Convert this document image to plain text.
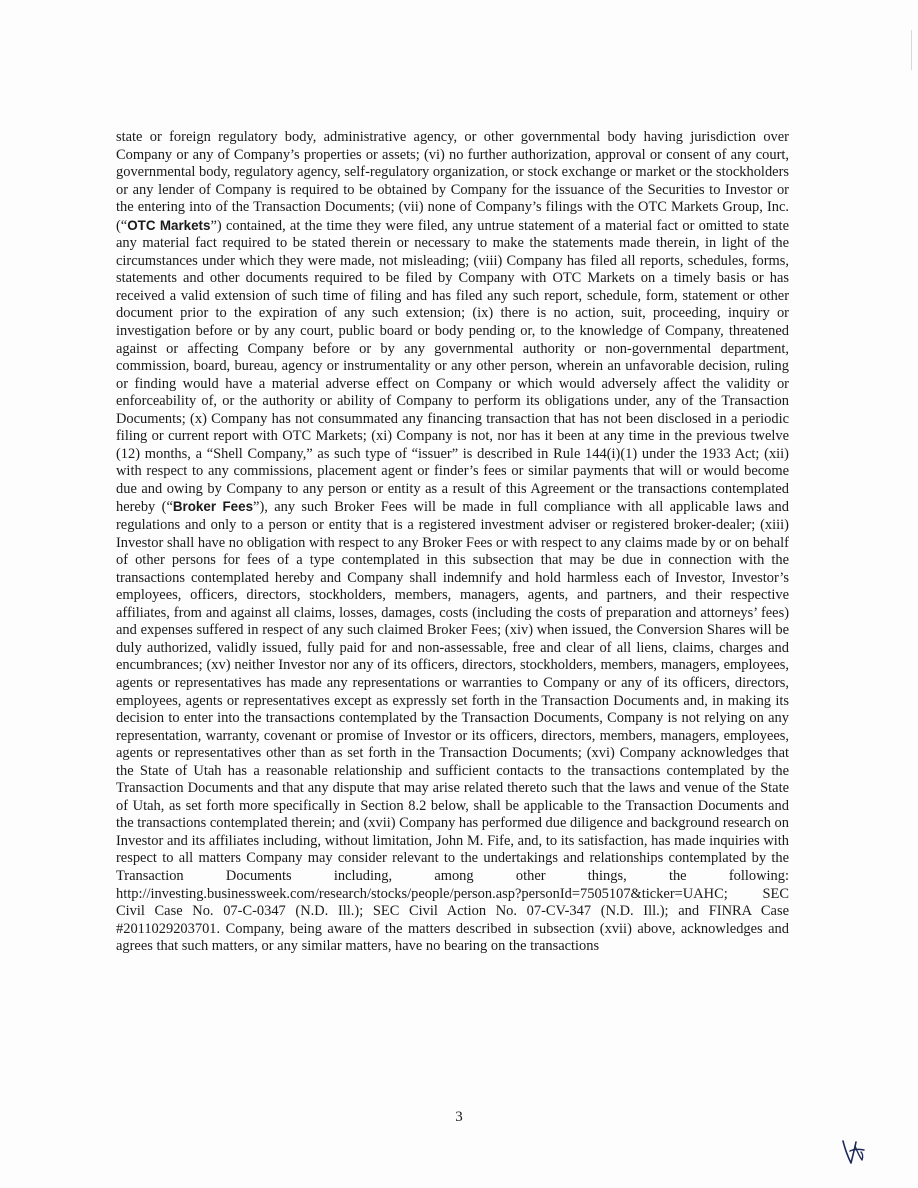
state or foreign regulatory body, administrative agency, or other governmental body having jurisdiction over Company or any of Company’s properties or assets; (vi) no further authorization, approval or consent of any court, governmental body, regulatory agency, self-regulatory organization, or stock exchange or market or the stockholders or any lender of Company is required to be obtained by Company for the issuance of the Securities to Investor or the entering into of the Transaction Documents; (vii) none of Company’s filings with the OTC Markets Group, Inc. (“OTC Markets”) contained, at the time they were filed, any untrue statement of a material fact or omitted to state any material fact required to be stated therein or necessary to make the statements made therein, in light of the circumstances under which they were made, not misleading; (viii) Company has filed all reports, schedules, forms, statements and other documents required to be filed by Company with OTC Markets on a timely basis or has received a valid extension of such time of filing and has filed any such report, schedule, form, statement or other document prior to the expiration of any such extension; (ix) there is no action, suit, proceeding, inquiry or investigation before or by any court, public board or body pending or, to the knowledge of Company, threatened against or affecting Company before or by any governmental authority or non-governmental department, commission, board, bureau, agency or instrumentality or any other person, wherein an unfavorable decision, ruling or finding would have a material adverse effect on Company or which would adversely affect the validity or enforceability of, or the authority or ability of Company to perform its obligations under, any of the Transaction Documents; (x) Company has not consummated any financing transaction that has not been disclosed in a periodic filing or current report with OTC Markets; (xi) Company is not, nor has it been at any time in the previous twelve (12) months, a “Shell Company,” as such type of “issuer” is described in Rule 144(i)(1) under the 1933 Act; (xii) with respect to any commissions, placement agent or finder’s fees or similar payments that will or would become due and owing by Company to any person or entity as a result of this Agreement or the transactions contemplated hereby (“Broker Fees”), any such Broker Fees will be made in full compliance with all applicable laws and regulations and only to a person or entity that is a registered investment adviser or registered broker-dealer; (xiii) Investor shall have no obligation with respect to any Broker Fees or with respect to any claims made by or on behalf of other persons for fees of a type contemplated in this subsection that may be due in connection with the transactions contemplated hereby and Company shall indemnify and hold harmless each of Investor, Investor’s employees, officers, directors, stockholders, members, managers, agents, and partners, and their respective affiliates, from and against all claims, losses, damages, costs (including the costs of preparation and attorneys’ fees) and expenses suffered in respect of any such claimed Broker Fees; (xiv) when issued, the Conversion Shares will be duly authorized, validly issued, fully paid for and non-assessable, free and clear of all liens, claims, charges and encumbrances; (xv) neither Investor nor any of its officers, directors, stockholders, members, managers, employees, agents or representatives has made any representations or warranties to Company or any of its officers, directors, employees, agents or representatives except as expressly set forth in the Transaction Documents and, in making its decision to enter into the transactions contemplated by the Transaction Documents, Company is not relying on any representation, warranty, covenant or promise of Investor or its officers, directors, members, managers, employees, agents or representatives other than as set forth in the Transaction Documents; (xvi) Company acknowledges that the State of Utah has a reasonable relationship and sufficient contacts to the transactions contemplated by the Transaction Documents and that any dispute that may arise related thereto such that the laws and venue of the State of Utah, as set forth more specifically in Section 8.2 below, shall be applicable to the Transaction Documents and the transactions contemplated therein; and (xvii) Company has performed due diligence and background research on Investor and its affiliates including, without limitation, John M. Fife, and, to its satisfaction, has made inquiries with respect to all matters Company may consider relevant to the undertakings and relationships contemplated by the Transaction Documents including, among other things, the following: http://investing.businessweek.com/research/stocks/people/person.asp?personId=7505107&ticker=UAHC; SEC Civil Case No. 07-C-0347 (N.D. Ill.); SEC Civil Action No. 07-CV-347 (N.D. Ill.); and FINRA Case #2011029203701. Company, being aware of the matters described in subsection (xvii) above, acknowledges and agrees that such matters, or any similar matters, have no bearing on the transactions

3
